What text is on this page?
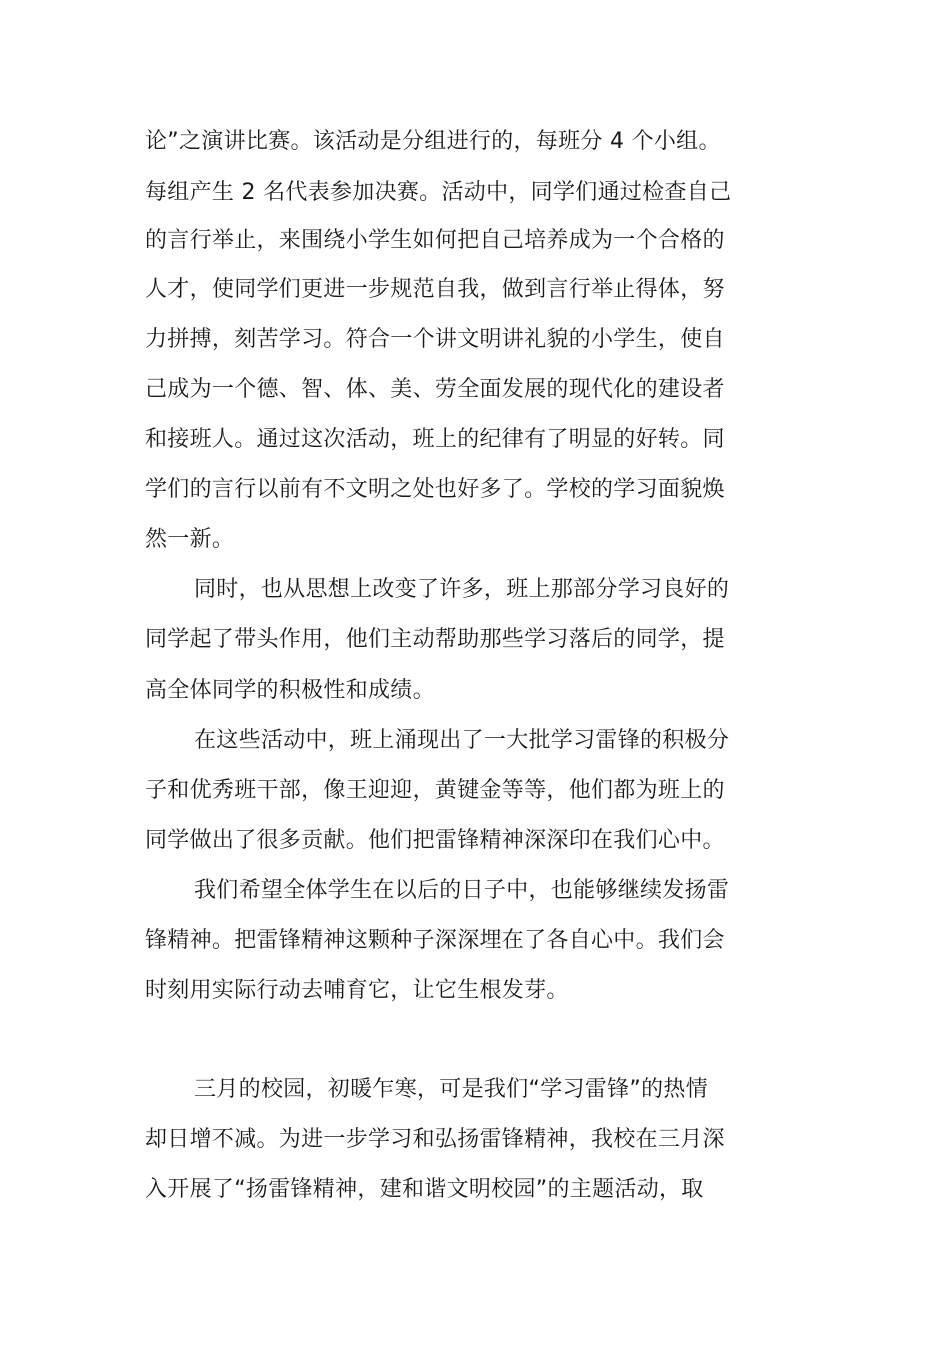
论”之演讲比赛。该活动是分组进行的，每班分 4 个小组。
每组产生 2 名代表参加决赛。活动中，同学们通过检查自己
的言行举止，来围绕小学生如何把自己培养成为一个合格的
人才，使同学们更进一步规范自我，做到言行举止得体，努
力拼搏，刻苦学习。符合一个讲文明讲礼貌的小学生，使自
己成为一个德、智、体、美、劳全面发展的现代化的建设者
和接班人。通过这次活动，班上的纪律有了明显的好转。同
学们的言行以前有不文明之处也好多了。学校的学习面貌焕
然一新。
同时，也从思想上改变了许多，班上那部分学习良好的
同学起了带头作用，他们主动帮助那些学习落后的同学，提
高全体同学的积极性和成绩。
在这些活动中，班上涌现出了一大批学习雷锋的积极分
子和优秀班干部，像王迎迎，黄键金等等，他们都为班上的
同学做出了很多贡献。他们把雷锋精神深深印在我们心中。
我们希望全体学生在以后的日子中，也能够继续发扬雷
锋精神。把雷锋精神这颗种子深深埋在了各自心中。我们会
时刻用实际行动去哺育它，让它生根发芽。
三月的校园，初暖乍寒，可是我们“学习雷锋”的热情
却日增不减。为进一步学习和弘扬雷锋精神，我校在三月深
入开展了“扬雷锋精神，建和谐文明校园”的主题活动，取
